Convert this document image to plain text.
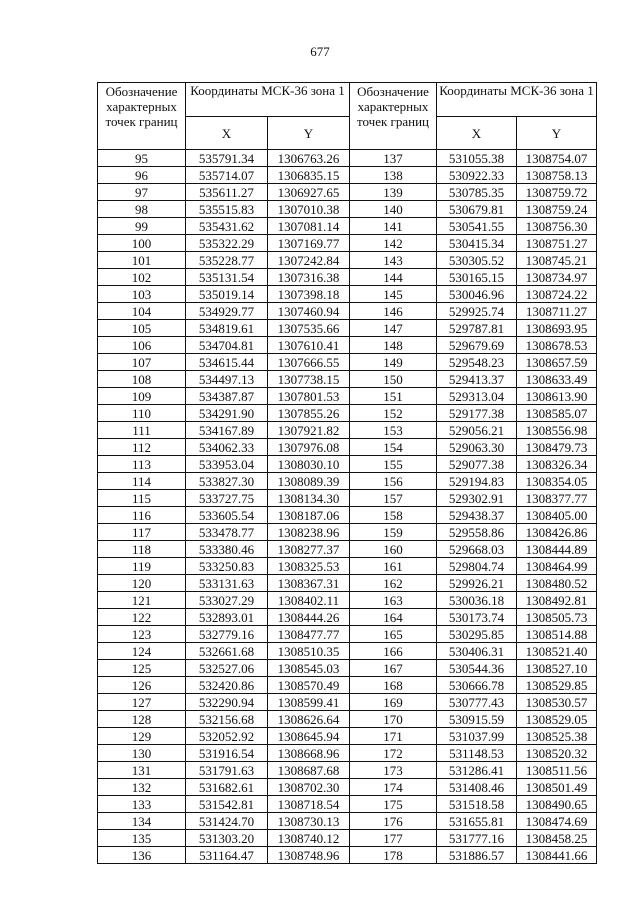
677
Обозначение характерных точек границ	Координаты МСК-36 зона 1		Обозначение характерных точек границ	Координаты МСК-36 зона 1	
	X	Y		X	Y
95	535791.34	1306763.26	137	531055.38	1308754.07
96	535714.07	1306835.15	138	530922.33	1308758.13
97	535611.27	1306927.65	139	530785.35	1308759.72
98	535515.83	1307010.38	140	530679.81	1308759.24
99	535431.62	1307081.14	141	530541.55	1308756.30
100	535322.29	1307169.77	142	530415.34	1308751.27
101	535228.77	1307242.84	143	530305.52	1308745.21
102	535131.54	1307316.38	144	530165.15	1308734.97
103	535019.14	1307398.18	145	530046.96	1308724.22
104	534929.77	1307460.94	146	529925.74	1308711.27
105	534819.61	1307535.66	147	529787.81	1308693.95
106	534704.81	1307610.41	148	529679.69	1308678.53
107	534615.44	1307666.55	149	529548.23	1308657.59
108	534497.13	1307738.15	150	529413.37	1308633.49
109	534387.87	1307801.53	151	529313.04	1308613.90
110	534291.90	1307855.26	152	529177.38	1308585.07
111	534167.89	1307921.82	153	529056.21	1308556.98
112	534062.33	1307976.08	154	529063.30	1308479.73
113	533953.04	1308030.10	155	529077.38	1308326.34
114	533827.30	1308089.39	156	529194.83	1308354.05
115	533727.75	1308134.30	157	529302.91	1308377.77
116	533605.54	1308187.06	158	529438.37	1308405.00
117	533478.77	1308238.96	159	529558.86	1308426.86
118	533380.46	1308277.37	160	529668.03	1308444.89
119	533250.83	1308325.53	161	529804.74	1308464.99
120	533131.63	1308367.31	162	529926.21	1308480.52
121	533027.29	1308402.11	163	530036.18	1308492.81
122	532893.01	1308444.26	164	530173.74	1308505.73
123	532779.16	1308477.77	165	530295.85	1308514.88
124	532661.68	1308510.35	166	530406.31	1308521.40
125	532527.06	1308545.03	167	530544.36	1308527.10
126	532420.86	1308570.49	168	530666.78	1308529.85
127	532290.94	1308599.41	169	530777.43	1308530.57
128	532156.68	1308626.64	170	530915.59	1308529.05
129	532052.92	1308645.94	171	531037.99	1308525.38
130	531916.54	1308668.96	172	531148.53	1308520.32
131	531791.63	1308687.68	173	531286.41	1308511.56
132	531682.61	1308702.30	174	531408.46	1308501.49
133	531542.81	1308718.54	175	531518.58	1308490.65
134	531424.70	1308730.13	176	531655.81	1308474.69
135	531303.20	1308740.12	177	531777.16	1308458.25
136	531164.47	1308748.96	178	531886.57	1308441.66
